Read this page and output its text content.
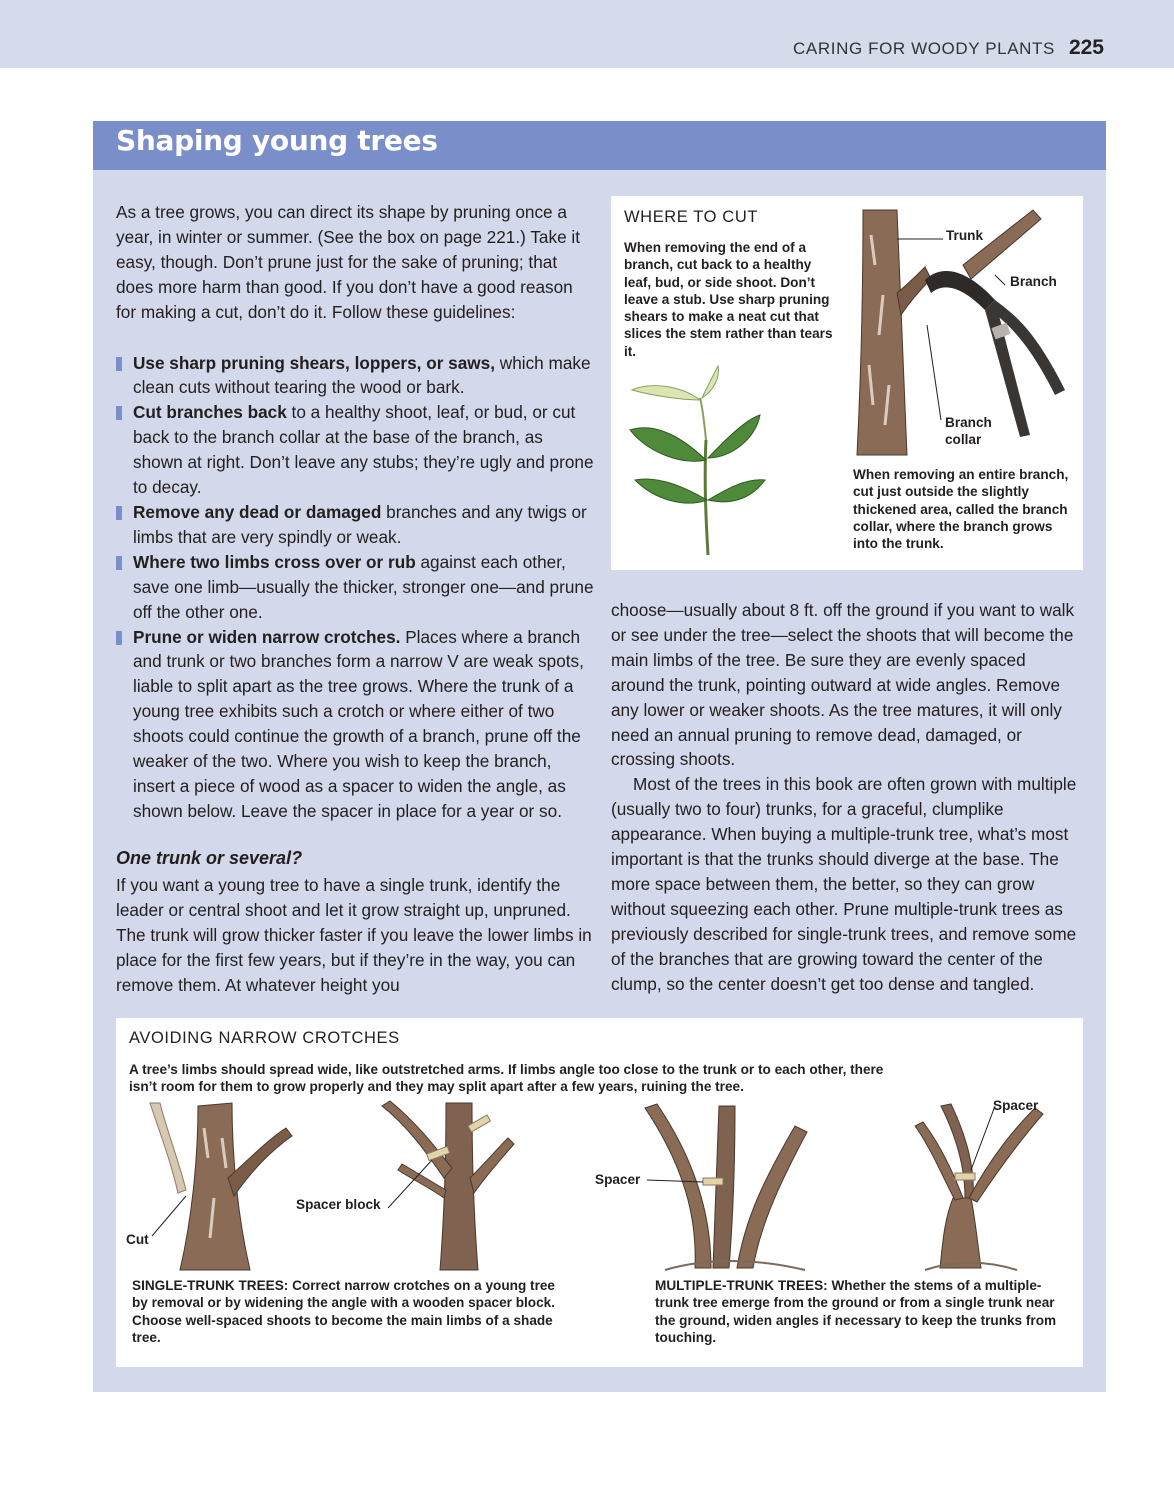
CARING FOR WOODY PLANTS 225
Shaping young trees

As a tree grows, you can direct its shape by pruning once a year, in winter or summer. (See the box on page 221.) Take it easy, though. Don’t prune just for the sake of pruning; that does more harm than good. If you don’t have a good reason for making a cut, don’t do it. Follow these guidelines:

Use sharp pruning shears, loppers, or saws, which make clean cuts without tearing the wood or bark.
Cut branches back to a healthy shoot, leaf, or bud, or cut back to the branch collar at the base of the branch, as shown at right. Don’t leave any stubs; they’re ugly and prone to decay.
Remove any dead or damaged branches and any twigs or limbs that are very spindly or weak.
Where two limbs cross over or rub against each other, save one limb—usually the thicker, stronger one—and prune off the other one.
Prune or widen narrow crotches. Places where a branch and trunk or two branches form a narrow V are weak spots, liable to split apart as the tree grows. Where the trunk of a young tree exhibits such a crotch or where either of two shoots could continue the growth of a branch, prune off the weaker of the two. Where you wish to keep the branch, insert a piece of wood as a spacer to widen the angle, as shown below. Leave the spacer in place for a year or so.
One trunk or several?
If you want a young tree to have a single trunk, identify the leader or central shoot and let it grow straight up, unpruned. The trunk will grow thicker faster if you leave the lower limbs in place for the first few years, but if they’re in the way, you can remove them. At whatever height you

choose—usually about 8 ft. off the ground if you want to walk or see under the tree—select the shoots that will become the main limbs of the tree. Be sure they are evenly spaced around the trunk, pointing outward at wide angles. Remove any lower or weaker shoots. As the tree matures, it will only need an annual pruning to remove dead, damaged, or crossing shoots.

Most of the trees in this book are often grown with multiple (usually two to four) trunks, for a graceful, clumplike appearance. When buying a multiple-trunk tree, what’s most important is that the trunks should diverge at the base. The more space between them, the better, so they can grow without squeezing each other. Prune multiple-trunk trees as previously described for single-trunk trees, and remove some of the branches that are growing toward the center of the clump, so the center doesn’t get too dense and tangled.

WHERE TO CUT
When removing the end of a branch, cut back to a healthy leaf, bud, or side shoot. Don’t leave a stub. Use sharp pruning shears to make a neat cut that slices the stem rather than tears it.
When removing an entire branch, cut just outside the slightly thickened area, called the branch collar, where the branch grows into the trunk.
Trunk
Branch
Branch
collar
AVOIDING NARROW CROTCHES
A tree’s limbs should spread wide, like outstretched arms. If limbs angle too close to the trunk or to each other, there isn’t room for them to grow properly and they may split apart after a few years, ruining the tree.
Cut
Spacer block
Spacer
Spacer
SINGLE-TRUNK TREES: Correct narrow crotches on a young tree by removal or by widening the angle with a wooden spacer block. Choose well-spaced shoots to become the main limbs of a shade tree.
MULTIPLE-TRUNK TREES: Whether the stems of a multiple-trunk tree emerge from the ground or from a single trunk near the ground, widen angles if necessary to keep the trunks from touching.
